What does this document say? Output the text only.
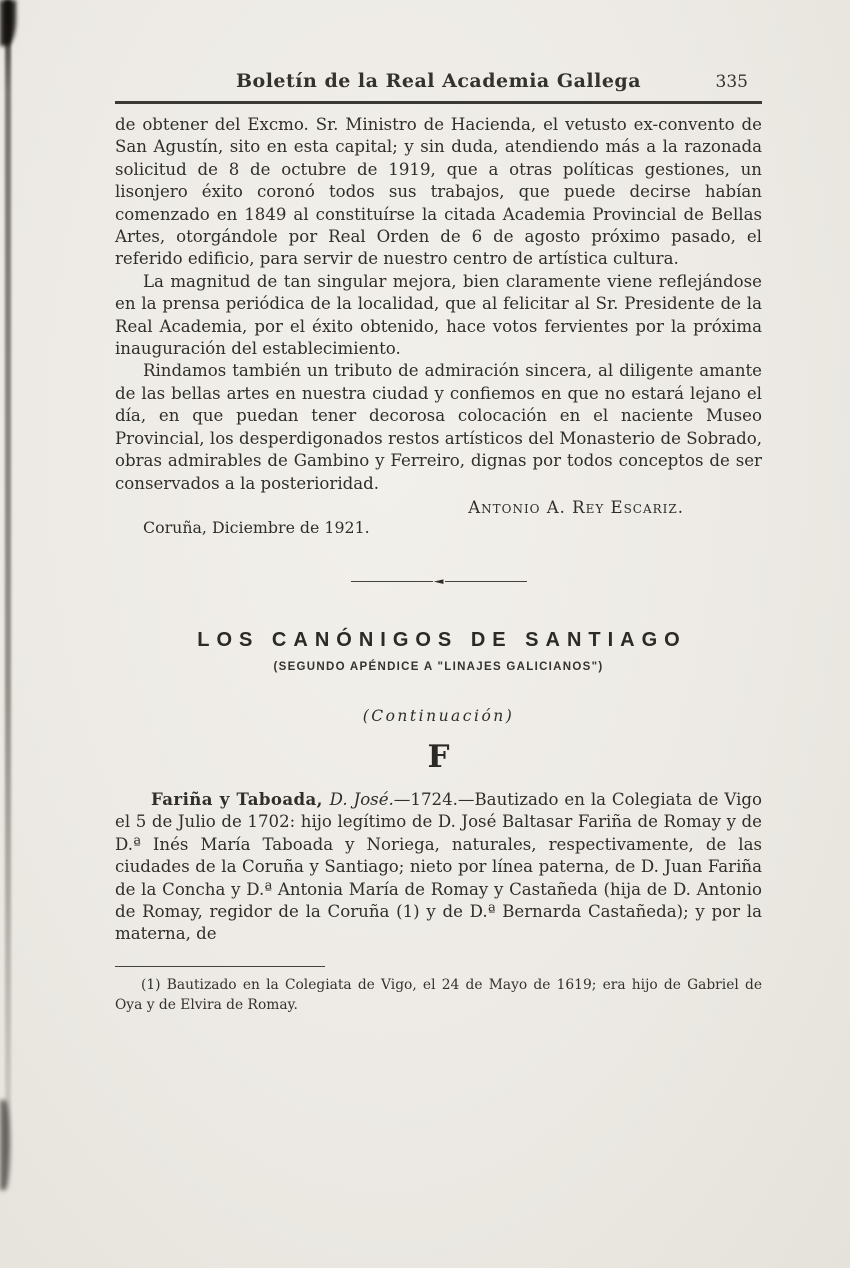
Boletín de la Real Academia Gallega	335

de obtener del Excmo. Sr. Ministro de Hacienda, el vetusto ex-convento de San Agustín, sito en esta capital; y sin duda, atendiendo más a la razonada solicitud de 8 de octubre de 1919, que a otras políticas gestiones, un lisonjero éxito coronó todos sus trabajos, que puede decirse habían comenzado en 1849 al constituírse la citada Academia Provincial de Bellas Artes, otorgándole por Real Orden de 6 de agosto próximo pasado, el referido edificio, para servir de nuestro centro de artística cultura.

La magnitud de tan singular mejora, bien claramente viene reflejándose en la prensa periódica de la localidad, que al felicitar al Sr. Presidente de la Real Academia, por el éxito obtenido, hace votos fervientes por la próxima inauguración del establecimiento.

Rindamos también un tributo de admiración sincera, al diligente amante de las bellas artes en nuestra ciudad y confiemos en que no estará lejano el día, en que puedan tener decorosa colocación en el naciente Museo Provincial, los desperdigonados restos artísticos del Monasterio de Sobrado, obras admirables de Gambino y Ferreiro, dignas por todos conceptos de ser conservados a la posterioridad.

Antonio A. Rey Escariz.
Coruña, Diciembre de 1921.
◄
LOS CANÓNIGOS DE SANTIAGO
(SEGUNDO APÉNDICE A "LINAJES GALICIANOS")
(Continuación)
F

Fariña y Taboada, D. José.—1724.—Bautizado en la Colegiata de Vigo el 5 de Julio de 1702: hijo legítimo de D. José Baltasar Fariña de Romay y de D.ª Inés María Taboada y Noriega, naturales, respectivamente, de las ciudades de la Coruña y Santiago; nieto por línea paterna, de D. Juan Fariña de la Concha y D.ª Antonia María de Romay y Castañeda (hija de D. Antonio de Romay, regidor de la Coruña (1) y de D.ª Bernarda Castañeda); y por la materna, de

(1) Bautizado en la Colegiata de Vigo, el 24 de Mayo de 1619; era hijo de Gabriel de Oya y de Elvira de Romay.
